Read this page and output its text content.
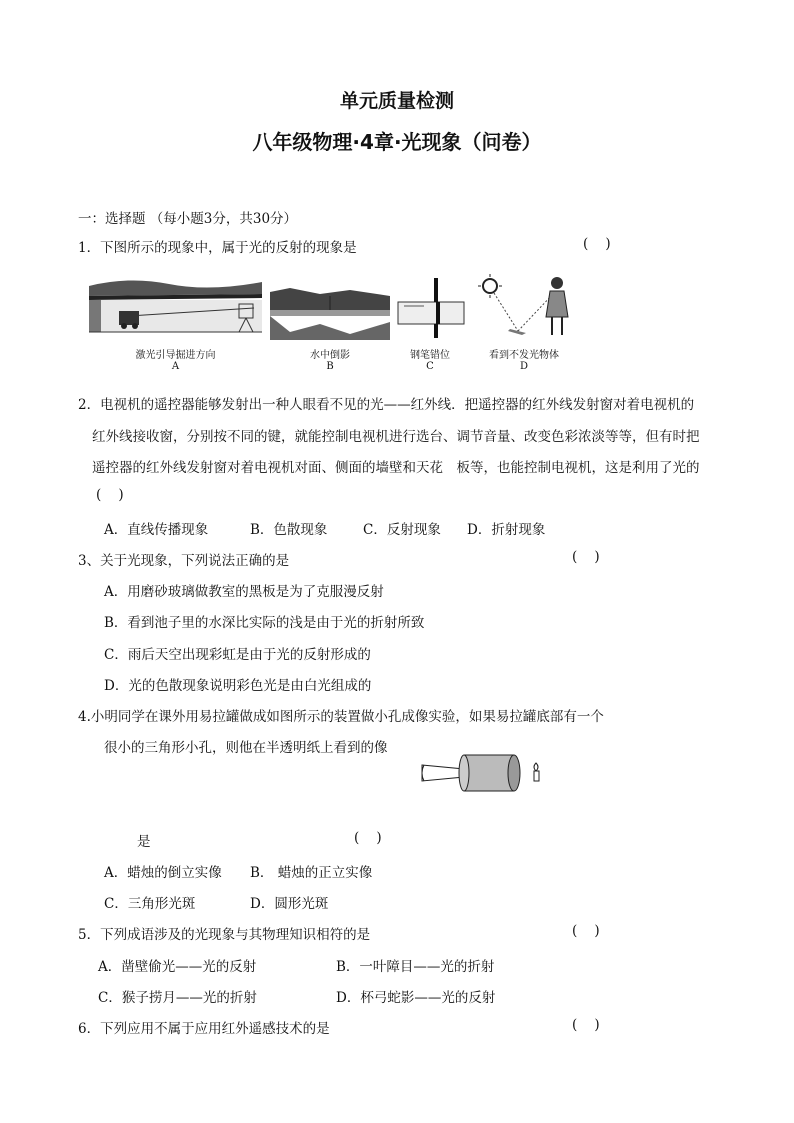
单元质量检测
八年级物理·4章·光现象（问卷）
一：选择题 （每小题3分，共30分）
1．下图所示的现象中，属于光的反射的现象是	(    )
激光引导掘进方向
A
水中倒影
B
钢笔错位
C
看到不发光物体
D
2．电视机的遥控器能够发射出一种人眼看不见的光——红外线．把遥控器的红外线发射窗对着电视机的
红外线接收窗，分别按不同的键，就能控制电视机进行选台、调节音量、改变色彩浓淡等等，但有时把
遥控器的红外线发射窗对着电视机对面、侧面的墙壁和天花　板等，也能控制电视机，这是利用了光的
(    )
A．直线传播现象	B．色散现象	C．反射现象 D．折射现象
3、关于光现象，下列说法正确的是	(    )
A．用磨砂玻璃做教室的黑板是为了克服漫反射
B．看到池子里的水深比实际的浅是由于光的折射所致
C．雨后天空出现彩虹是由于光的反射形成的
D．光的色散现象说明彩色光是由白光组成的
4.小明同学在课外用易拉罐做成如图所示的装置做小孔成像实验，如果易拉罐底部有一个
很小的三角形小孔，则他在半透明纸上看到的像
是	(    )
A．蜡烛的倒立实像 B． 蜡烛的正立实像
C．三角形光斑	D．圆形光斑
5．下列成语涉及的光现象与其物理知识相符的是	(    )
A．凿壁偷光——光的反射	B．一叶障目——光的折射
C．猴子捞月——光的折射	D．杯弓蛇影——光的反射
6．下列应用不属于应用红外遥感技术的是	(    )
